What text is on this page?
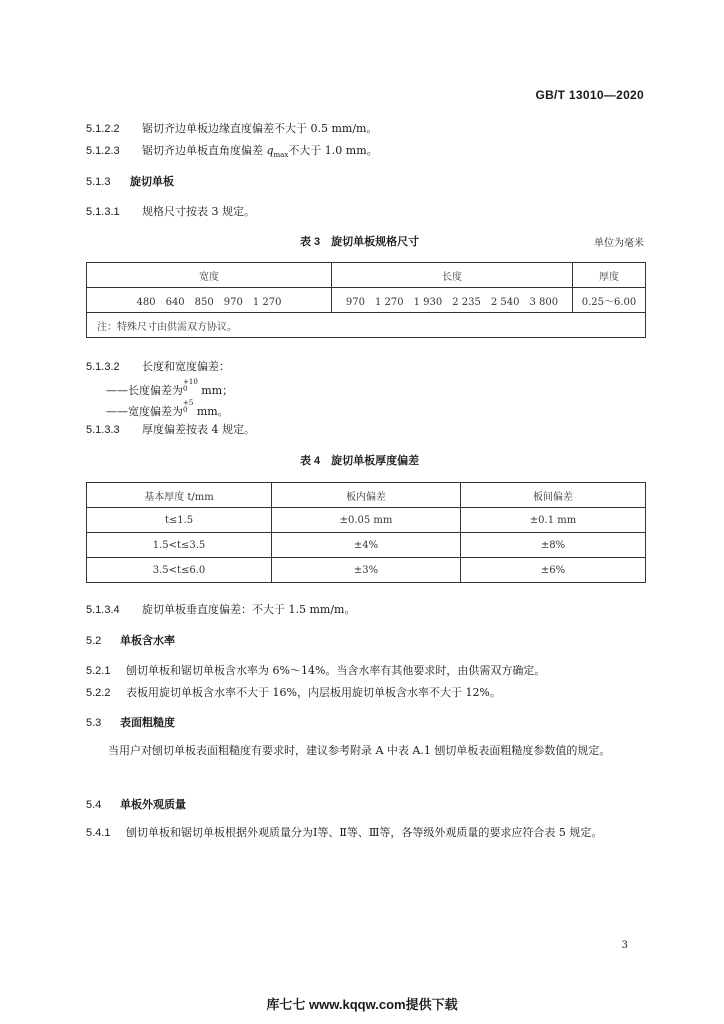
GB/T 13010—2020
5.1.2.2 锯切齐边单板边缘直度偏差不大于 0.5 mm/m。
5.1.2.3 锯切齐边单板直角度偏差 $q_{max}$不大于 1.0 mm。
5.1.3 旋切单板
5.1.3.1 规格尺寸按表 3 规定。
表 3　旋切单板规格尺寸	单位为毫米
宽度	长度	厚度
480　640　850　970　1 270	970　1 270　1 930　2 235　2 540　3 800	0.25～6.00
注：特殊尺寸由供需双方协议。		
5.1.3.2 长度和宽度偏差：
——长度偏差为+10
0 mm；
——宽度偏差为+5
0 mm。
5.1.3.3 厚度偏差按表 4 规定。
表 4　旋切单板厚度偏差
基本厚度 t/mm	板内偏差	板间偏差
t≤1.5	±0.05 mm	±0.1 mm
1.5<t≤3.5	±4%	±8%
3.5<t≤6.0	±3%	±6%
5.1.3.4 旋切单板垂直度偏差：不大于 1.5 mm/m。
5.2 单板含水率
5.2.1 刨切单板和锯切单板含水率为 6%～14%。当含水率有其他要求时，由供需双方确定。
5.2.2 表板用旋切单板含水率不大于 16%，内层板用旋切单板含水率不大于 12%。
5.3 表面粗糙度
当用户对刨切单板表面粗糙度有要求时，建议参考附录 A 中表 A.1 刨切单板表面粗糙度参数值的规定。
5.4 单板外观质量
5.4.1 刨切单板和锯切单板根据外观质量分为Ⅰ等、Ⅱ等、Ⅲ等，各等级外观质量的要求应符合表 5 规定。
3
库七七 www.kqqw.com提供下载
